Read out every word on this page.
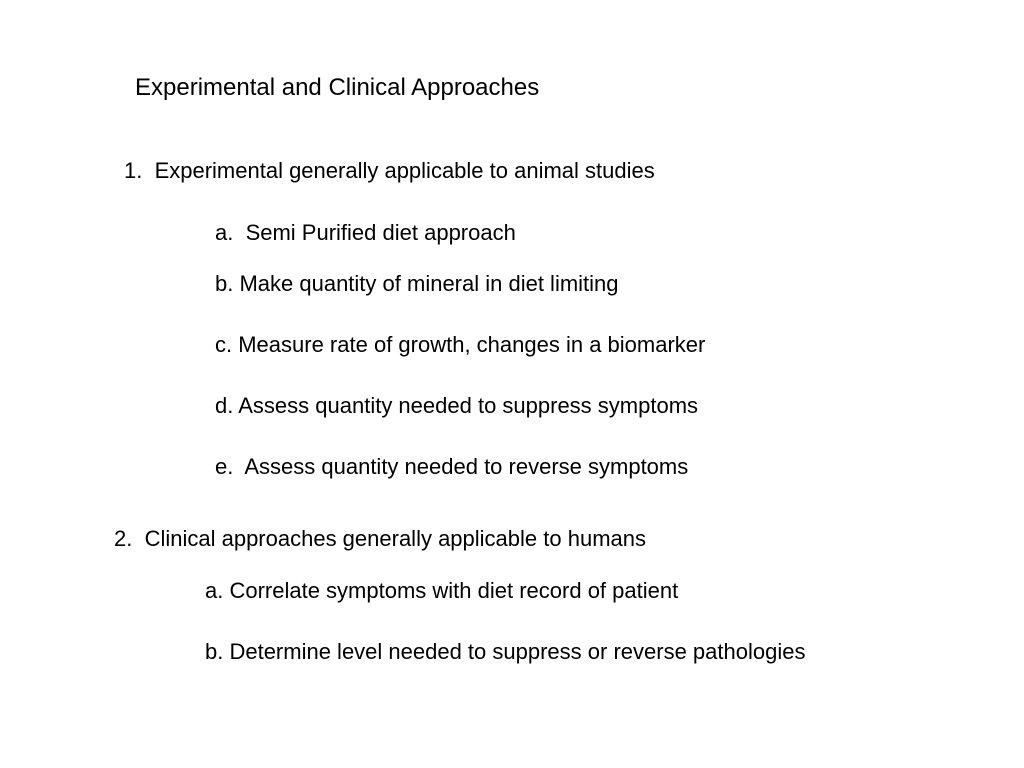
Experimental and Clinical Approaches
1.  Experimental generally applicable to animal studies
a.  Semi Purified diet approach
b. Make quantity of mineral in diet limiting
c. Measure rate of growth, changes in a biomarker
d. Assess quantity needed to suppress symptoms
e.  Assess quantity needed to reverse symptoms
2.  Clinical approaches generally applicable to humans
a. Correlate symptoms with diet record of patient
b. Determine level needed to suppress or reverse pathologies
